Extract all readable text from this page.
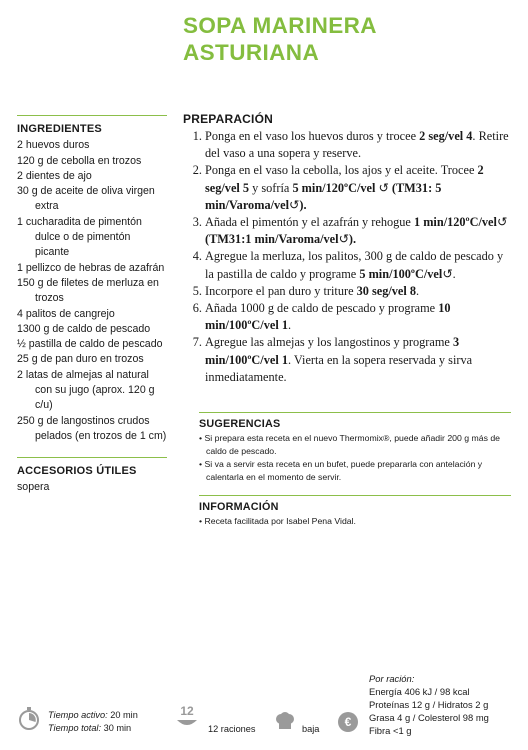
SOPA MARINERA
ASTURIANA
INGREDIENTES
2 huevos duros
120 g de cebolla en trozos
2 dientes de ajo
30 g de aceite de oliva virgen extra
1 cucharadita de pimentón dulce o de pimentón picante
1 pellizco de hebras de azafrán
150 g de filetes de merluza en trozos
4 palitos de cangrejo
1300 g de caldo de pescado
½ pastilla de caldo de pescado
25 g de pan duro en trozos
2 latas de almejas al natural con su jugo (aprox. 120 g c/u)
250 g de langostinos crudos pelados (en trozos de 1 cm)
ACCESORIOS ÚTILES
sopera
PREPARACIÓN
1. Ponga en el vaso los huevos duros y trocee 2 seg/vel 4. Retire del vaso a una sopera y reserve.
2. Ponga en el vaso la cebolla, los ajos y el aceite. Trocee 2 seg/vel 5 y sofría 5 min/120ºC/vel ↺ (TM31: 5 min/Varoma/vel↺).
3. Añada el pimentón y el azafrán y rehogue 1 min/120ºC/vel↺ (TM31:1 min/Varoma/vel↺).
4. Agregue la merluza, los palitos, 300 g de caldo de pescado y la pastilla de caldo y programe 5 min/100ºC/vel↺.
5. Incorpore el pan duro y triture 30 seg/vel 8.
6. Añada 1000 g de caldo de pescado y programe 10 min/100ºC/vel 1.
7. Agregue las almejas y los langostinos y programe 3 min/100ºC/vel 1. Vierta en la sopera reservada y sirva inmediatamente.
SUGERENCIAS
• Si prepara esta receta en el nuevo Thermomix®, puede añadir 200 g más de caldo de pescado.
• Si va a servir esta receta en un bufet, puede prepararla con antelación y calentarla en el momento de servir.
INFORMACIÓN
• Receta facilitada por Isabel Pena Vidal.
Tiempo activo: 20 min
Tiempo total: 30 min
12
12 raciones	baja	€
Por ración:
Energía 406 kJ / 98 kcal
Proteínas 12 g / Hidratos 2 g
Grasa 4 g / Colesterol 98 mg
Fibra <1 g
